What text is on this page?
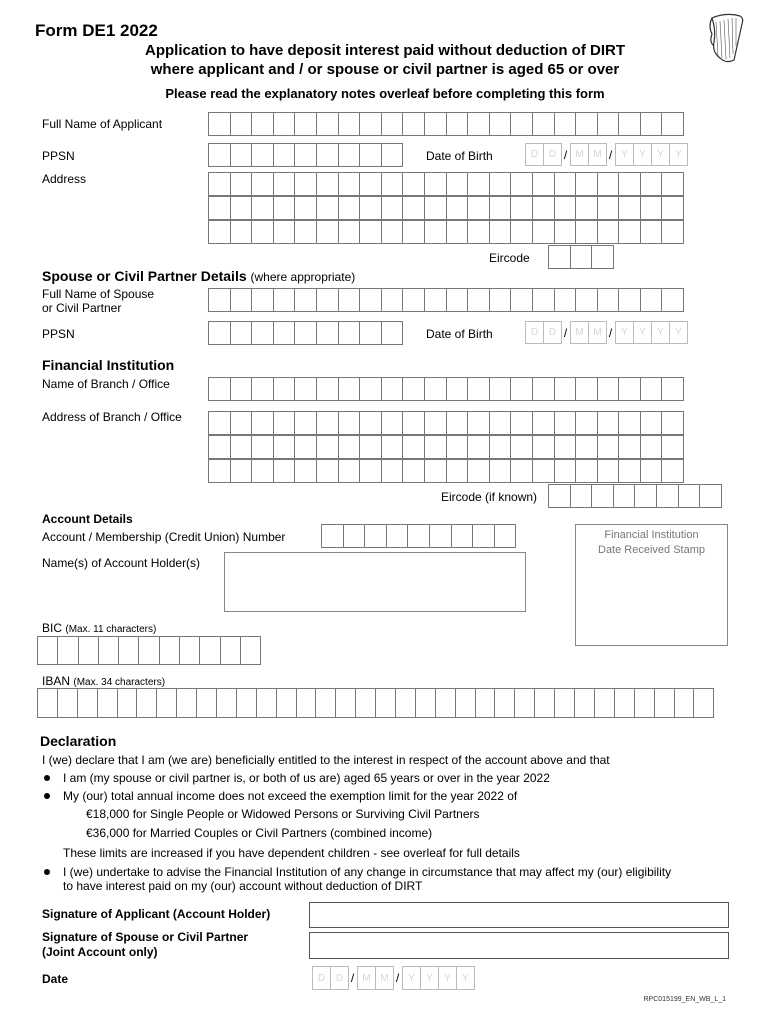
Form DE1 2022
Application to have deposit interest paid without deduction of DIRT
where applicant and / or spouse or civil partner is aged 65 or over
Please read the explanatory notes overleaf before completing this form
Full Name of Applicant
PPSN	Date of Birth	D	D / M M / Y	Y	Y	Y
Address
Eircode
Spouse or Civil Partner Details (where appropriate)
Full Name of Spouse
or Civil Partner
PPSN	Date of Birth	D	D / M M / Y	Y	Y	Y
Financial Institution
Name of Branch / Office
Address of Branch / Office
Eircode (if known)
Account Details
Account / Membership (Credit Union) Number
Name(s) of Account Holder(s)
Financial Institution
Date Received Stamp
BIC (Max. 11 characters)
IBAN (Max. 34 characters)
Declaration
I (we) declare that I am (we are) beneficially entitled to the interest in respect of the account above and that
I am (my spouse or civil partner is, or both of us are) aged 65 years or over in the year 2022
My (our) total annual income does not exceed the exemption limit for the year 2022 of
€18,000 for Single People or Widowed Persons or Surviving Civil Partners
€36,000 for Married Couples or Civil Partners (combined income)
These limits are increased if you have dependent children - see overleaf for full details
I (we) undertake to advise the Financial Institution of any change in circumstance that may affect my (our) eligibility
to have interest paid on my (our) account without deduction of DIRT
Signature of Applicant (Account Holder)
Signature of Spouse or Civil Partner
(Joint Account only)
Date	D	D / M M / Y	Y	Y	Y
RPC015199_EN_WB_L_1
